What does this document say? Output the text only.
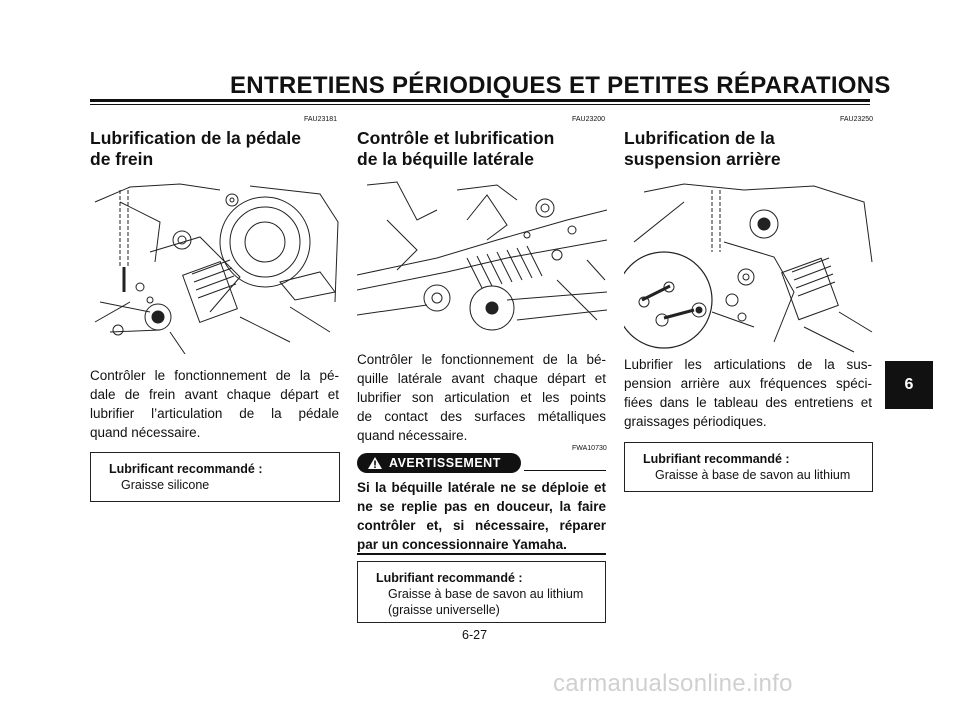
ENTRETIENS PÉRIODIQUES ET PETITES RÉPARATIONS
FAU23181
Lubrification de la pédale
de frein
Contrôler le fonctionnement de la pé-
dale de frein avant chaque départ et
lubrifier l’articulation de la pédale
quand nécessaire.
Lubrificant recommandé :
Graisse silicone
FAU23200
Contrôle et lubrification
de la béquille latérale
Contrôler le fonctionnement de la bé-
quille latérale avant chaque départ et
lubrifier son articulation et les points
de contact des surfaces métalliques
quand nécessaire.
FWA10730
AVERTISSEMENT
Si la béquille latérale ne se déploie et
ne se replie pas en douceur, la faire
contrôler et, si nécessaire, réparer
par un concessionnaire Yamaha.
Lubrifiant recommandé :
Graisse à base de savon au lithium
(graisse universelle)
FAU23250
Lubrification de la
suspension arrière
Lubrifier les articulations de la sus-
pension arrière aux fréquences spéci-
fiées dans le tableau des entretiens et
graissages périodiques.
Lubrifiant recommandé :
Graisse à base de savon au lithium
6
6-27
carmanualsonline.info
